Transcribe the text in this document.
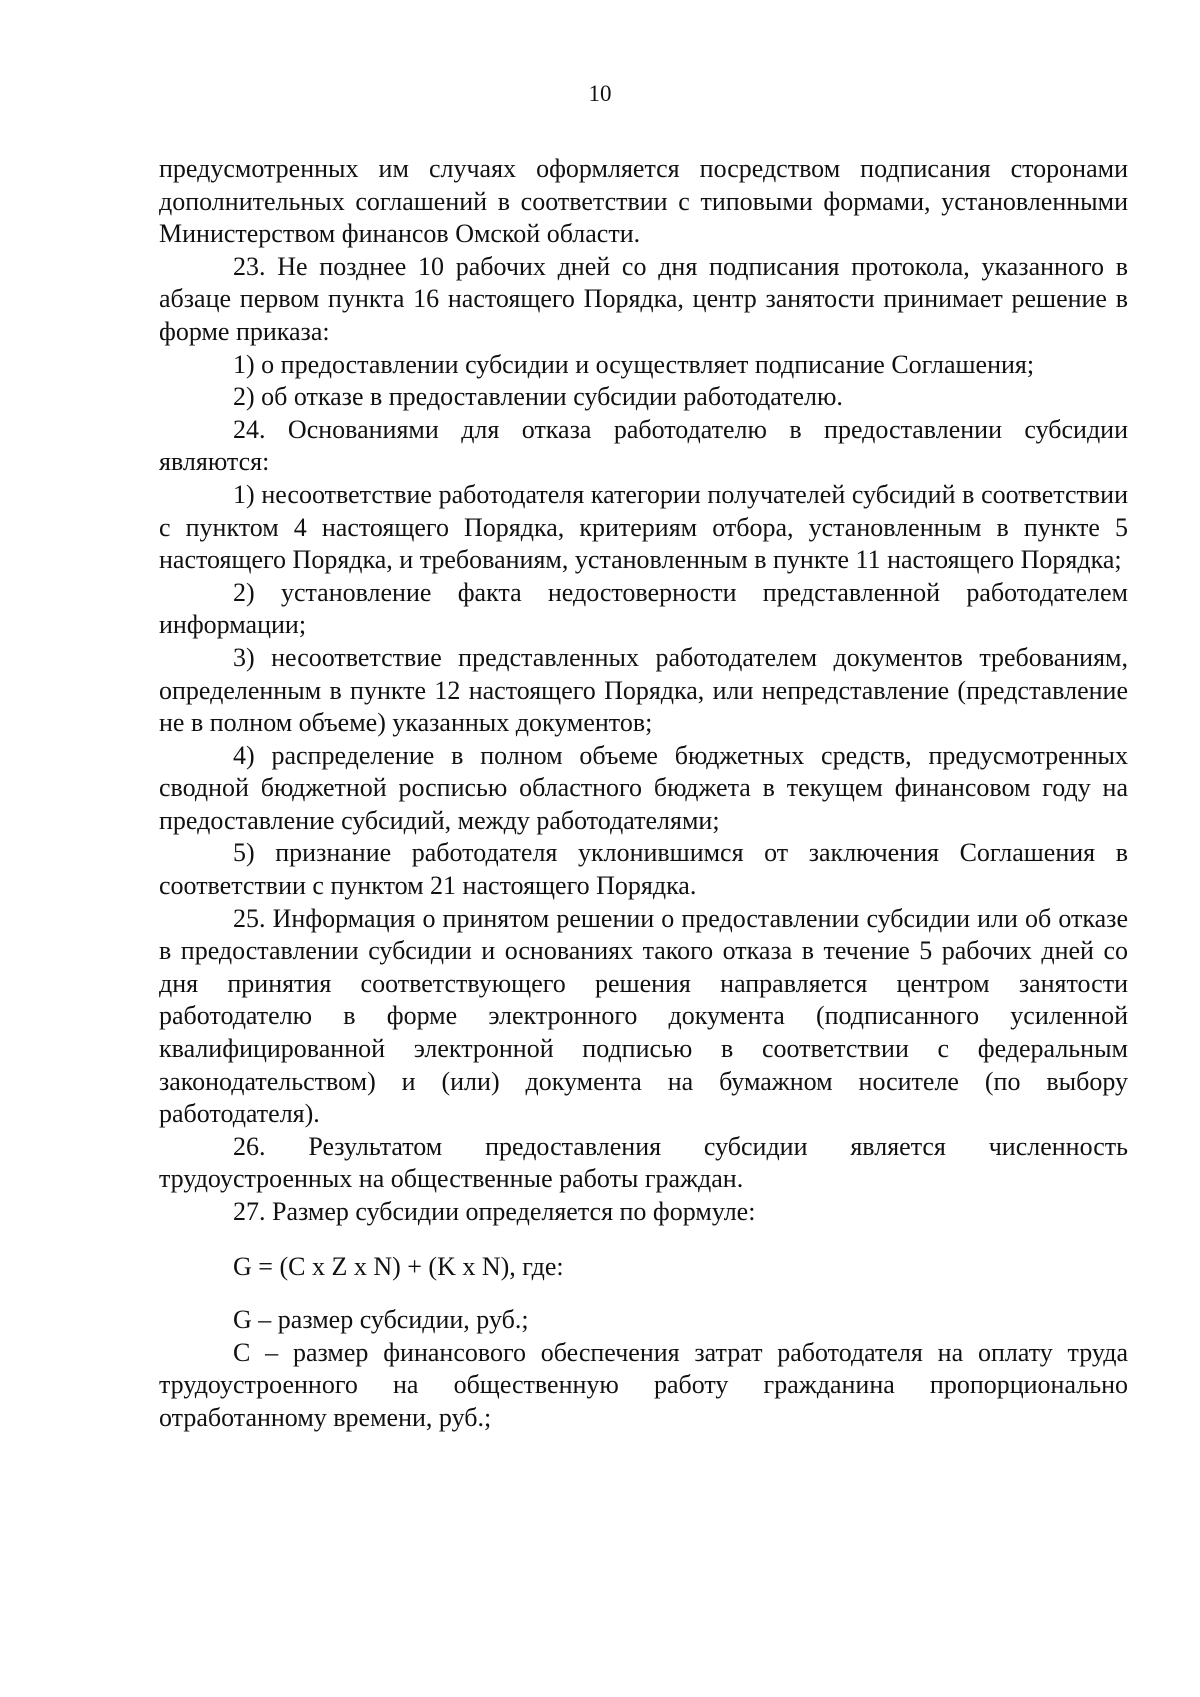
10

предусмотренных им случаях оформляется посредством подписания сторонами дополнительных соглашений в соответствии с типовыми формами, установленными Министерством финансов Омской области.

23. Не позднее 10 рабочих дней со дня подписания протокола, указанного в абзаце первом пункта 16 настоящего Порядка, центр занятости принимает решение в форме приказа:

1) о предоставлении субсидии и осуществляет подписание Соглашения;

2) об отказе в предоставлении субсидии работодателю.

24. Основаниями для отказа работодателю в предоставлении субсидии являются:

1) несоответствие работодателя категории получателей субсидий в соответствии с пунктом 4 настоящего Порядка, критериям отбора, установленным в пункте 5 настоящего Порядка, и требованиям, установленным в пункте 11 настоящего Порядка;

2) установление факта недостоверности представленной работодателем информации;

3) несоответствие представленных работодателем документов требованиям, определенным в пункте 12 настоящего Порядка, или непредставление (представление не в полном объеме) указанных документов;

4) распределение в полном объеме бюджетных средств, предусмотренных сводной бюджетной росписью областного бюджета в текущем финансовом году на предоставление субсидий, между работодателями;

5) признание работодателя уклонившимся от заключения Соглашения в соответствии с пунктом 21 настоящего Порядка.

25. Информация о принятом решении о предоставлении субсидии или об отказе в предоставлении субсидии и основаниях такого отказа в течение 5 рабочих дней со дня принятия соответствующего решения направляется центром занятости работодателю в форме электронного документа (подписанного усиленной квалифицированной электронной подписью в соответствии с федеральным законодательством) и (или) документа на бумажном носителе (по выбору работодателя).

26. Результатом предоставления субсидии является численность трудоустроенных на общественные работы граждан.

27. Размер субсидии определяется по формуле:

G = (C x Z x N) + (K x N), где:

G – размер субсидии, руб.;

C – размер финансового обеспечения затрат работодателя на оплату труда трудоустроенного на общественную работу гражданина пропорционально отработанному времени, руб.;
